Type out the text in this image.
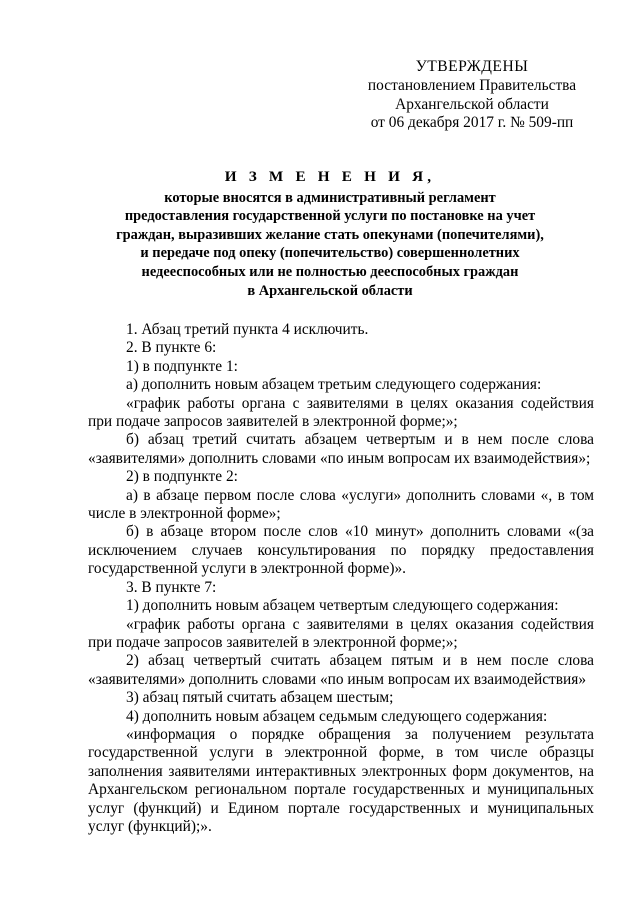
УТВЕРЖДЕНЫ
постановлением Правительства
Архангельской области
от 06 декабря 2017 г. № 509-пп
И З М Е Н Е Н И Я,
которые вносятся в административный регламент
предоставления государственной услуги по постановке на учет
граждан, выразивших желание стать опекунами (попечителями),
и передаче под опеку (попечительство) совершеннолетних
недееспособных или не полностью дееспособных граждан
в Архангельской области

1. Абзац третий пункта 4 исключить.

2. В пункте 6:

1) в подпункте 1:

а) дополнить новым абзацем третьим следующего содержания:

«график работы органа с заявителями в целях оказания содействия при подаче запросов заявителей в электронной форме;»;

б) абзац третий считать абзацем четвертым и в нем после слова «заявителями» дополнить словами «по иным вопросам их взаимодействия»;

2) в подпункте 2:

а) в абзаце первом после слова «услуги» дополнить словами «, в том числе в электронной форме»;

б) в абзаце втором после слов «10 минут» дополнить словами «(за исключением случаев консультирования по порядку предоставления государственной услуги в электронной форме)».

3. В пункте 7:

1) дополнить новым абзацем четвертым следующего содержания:

«график работы органа с заявителями в целях оказания содействия при подаче запросов заявителей в электронной форме;»;

2) абзац четвертый считать абзацем пятым и в нем после слова «заявителями» дополнить словами «по иным вопросам их взаимодействия»

3) абзац пятый считать абзацем шестым;

4) дополнить новым абзацем седьмым следующего содержания:

«информация о порядке обращения за получением результата государственной услуги в электронной форме, в том числе образцы заполнения заявителями интерактивных электронных форм документов, на Архангельском региональном портале государственных и муниципальных услуг (функций) и Едином портале государственных и муниципальных услуг (функций);».
